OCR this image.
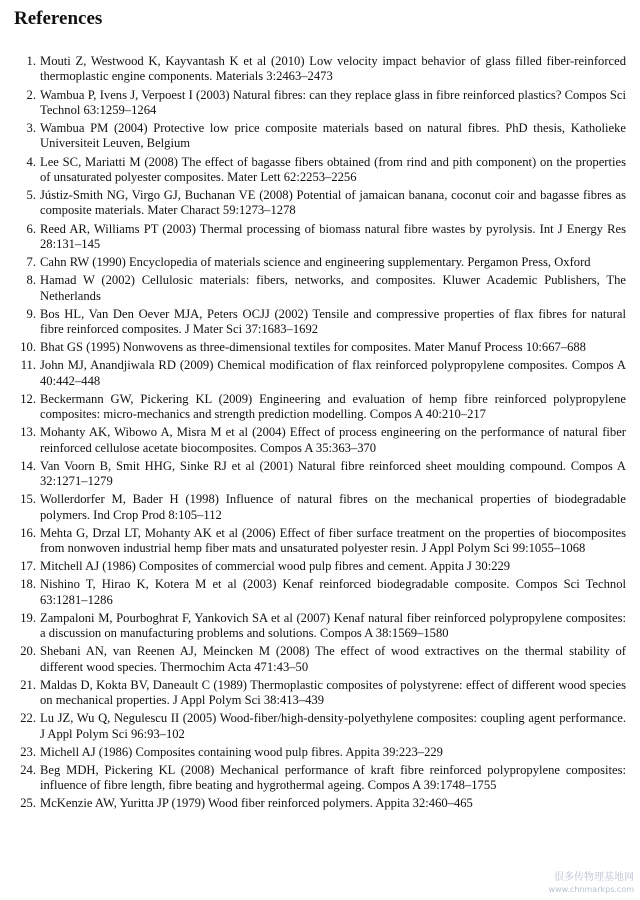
References
1. Mouti Z, Westwood K, Kayvantash K et al (2010) Low velocity impact behavior of glass filled fiber-reinforced thermoplastic engine components. Materials 3:2463–2473
2. Wambua P, Ivens J, Verpoest I (2003) Natural fibres: can they replace glass in fibre reinforced plastics? Compos Sci Technol 63:1259–1264
3. Wambua PM (2004) Protective low price composite materials based on natural fibres. PhD thesis, Katholieke Universiteit Leuven, Belgium
4. Lee SC, Mariatti M (2008) The effect of bagasse fibers obtained (from rind and pith component) on the properties of unsaturated polyester composites. Mater Lett 62:2253–2256
5. Jústiz-Smith NG, Virgo GJ, Buchanan VE (2008) Potential of jamaican banana, coconut coir and bagasse fibres as composite materials. Mater Charact 59:1273–1278
6. Reed AR, Williams PT (2003) Thermal processing of biomass natural fibre wastes by pyrolysis. Int J Energy Res 28:131–145
7. Cahn RW (1990) Encyclopedia of materials science and engineering supplementary. Pergamon Press, Oxford
8. Hamad W (2002) Cellulosic materials: fibers, networks, and composites. Kluwer Academic Publishers, The Netherlands
9. Bos HL, Van Den Oever MJA, Peters OCJJ (2002) Tensile and compressive properties of flax fibres for natural fibre reinforced composites. J Mater Sci 37:1683–1692
10. Bhat GS (1995) Nonwovens as three-dimensional textiles for composites. Mater Manuf Process 10:667–688
11. John MJ, Anandjiwala RD (2009) Chemical modification of flax reinforced polypropylene composites. Compos A 40:442–448
12. Beckermann GW, Pickering KL (2009) Engineering and evaluation of hemp fibre reinforced polypropylene composites: micro-mechanics and strength prediction modelling. Compos A 40:210–217
13. Mohanty AK, Wibowo A, Misra M et al (2004) Effect of process engineering on the performance of natural fiber reinforced cellulose acetate biocomposites. Compos A 35:363–370
14. Van Voorn B, Smit HHG, Sinke RJ et al (2001) Natural fibre reinforced sheet moulding compound. Compos A 32:1271–1279
15. Wollerdorfer M, Bader H (1998) Influence of natural fibres on the mechanical properties of biodegradable polymers. Ind Crop Prod 8:105–112
16. Mehta G, Drzal LT, Mohanty AK et al (2006) Effect of fiber surface treatment on the properties of biocomposites from nonwoven industrial hemp fiber mats and unsaturated polyester resin. J Appl Polym Sci 99:1055–1068
17. Mitchell AJ (1986) Composites of commercial wood pulp fibres and cement. Appita J 30:229
18. Nishino T, Hirao K, Kotera M et al (2003) Kenaf reinforced biodegradable composite. Compos Sci Technol 63:1281–1286
19. Zampaloni M, Pourboghrat F, Yankovich SA et al (2007) Kenaf natural fiber reinforced polypropylene composites: a discussion on manufacturing problems and solutions. Compos A 38:1569–1580
20. Shebani AN, van Reenen AJ, Meincken M (2008) The effect of wood extractives on the thermal stability of different wood species. Thermochim Acta 471:43–50
21. Maldas D, Kokta BV, Daneault C (1989) Thermoplastic composites of polystyrene: effect of different wood species on mechanical properties. J Appl Polym Sci 38:413–439
22. Lu JZ, Wu Q, Negulescu II (2005) Wood-fiber/high-density-polyethylene composites: coupling agent performance. J Appl Polym Sci 96:93–102
23. Michell AJ (1986) Composites containing wood pulp fibres. Appita 39:223–229
24. Beg MDH, Pickering KL (2008) Mechanical performance of kraft fibre reinforced polypropylene composites: influence of fibre length, fibre beating and hygrothermal ageing. Compos A 39:1748–1755
25. McKenzie AW, Yuritta JP (1979) Wood fiber reinforced polymers. Appita 32:460–465
很多传物理基地网
www.chnmarkps.com
